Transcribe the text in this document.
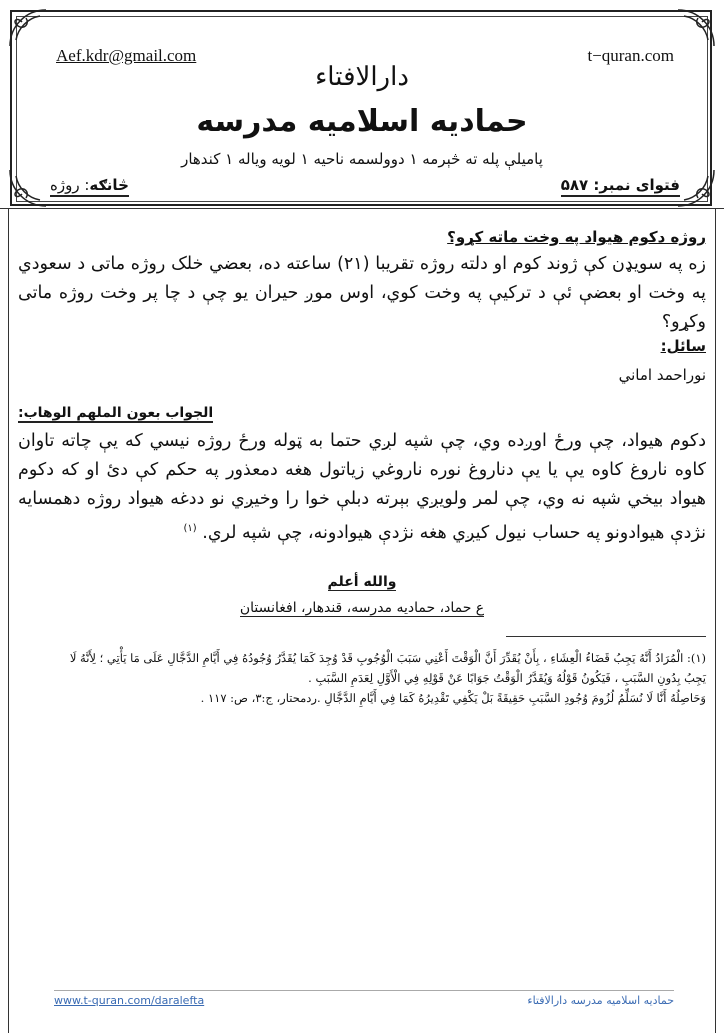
Aef.kdr@gmail.com	t−quran.com
دارالافتاء
حمادیه اسلامیه مدرسه
پامیلې پله ته څېرمه ۱ دوولسمه ناحیه ۱ لویه ویاله ۱ کندهار
فتوای نمبر: ۵۸۷
څانګه: روژه
روژه دکوم هیواد په وخت ماته کړو؟
زه په سویډن کې ژوند کوم او دلته روژه تقریبا (۲۱) ساعته ده، بعضي خلک روژه ماتی د سعودي په وخت او بعضې ئې د ترکیې په وخت کوي، اوس موږ حیران یو چې د چا پر وخت روژه ماتی وکړو؟
سائل:
نوراحمد اماني
الجواب بعون الملهم الوهاب:
دکوم هیواد، چې ورځ اوږده وي، چې شپه لږي حتما به ټوله ورځ روژه نیسي که یې چاته تاوان کاوه ناروغ کاوه یې یا یې دناروغ نوره ناروغي زیاتول هغه دمعذور په حکم کې دئ او که دکوم هیواد بیخي شپه نه وي، چې لمر ولویږي بېرته دبلې خوا را وخیږي نو ددغه هیواد روژه دهمسایه نژدې هیوادونو په حساب نیول کیږي هغه نژدې هیوادونه، چې شپه لري. $^{(۱)}$
والله أعلم
ع حماد، حمادیه مدرسه، قندهار، افغانستان
(۱): الْمُرَادُ أَنَّهُ يَجِبُ قَضَاءُ الْعِشَاءِ ، بِأَنْ يُقَدِّرَ أَنَّ الْوَقْتَ أَعْنِي سَبَبَ الْوُجُوبِ قَدْ وُجِدَ كَمَا يُقَدَّرُ وُجُودُهُ فِي أَيَّامِ الدَّجَّالِ عَلَى مَا يَأْتِي ؛ لِأَنَّهُ لَا
يَجِبُ بِدُونِ السَّبَبِ ، فَيَكُونُ قَوْلُهُ وَيُقَدَّرُ الْوَقْتُ جَوَابًا عَنْ قَوْلِهِ فِي الْأَوَّلِ لِعَدَمِ السَّبَبِ .
وَحَاصِلُهُ أَنَّا لَا نُسَلِّمُ لُزُومَ وُجُودِ السَّبَبِ حَقِيقَةً بَلْ يَكْفِي تَقْدِيرُهُ كَمَا فِي أَيَّامِ الدَّجَّالِ .ردمحتار، ج:۳، ص: ۱۱۷ .
www.t-quran.com/daralefta	حمادیه اسلامیه مدرسه دارالافتاء
